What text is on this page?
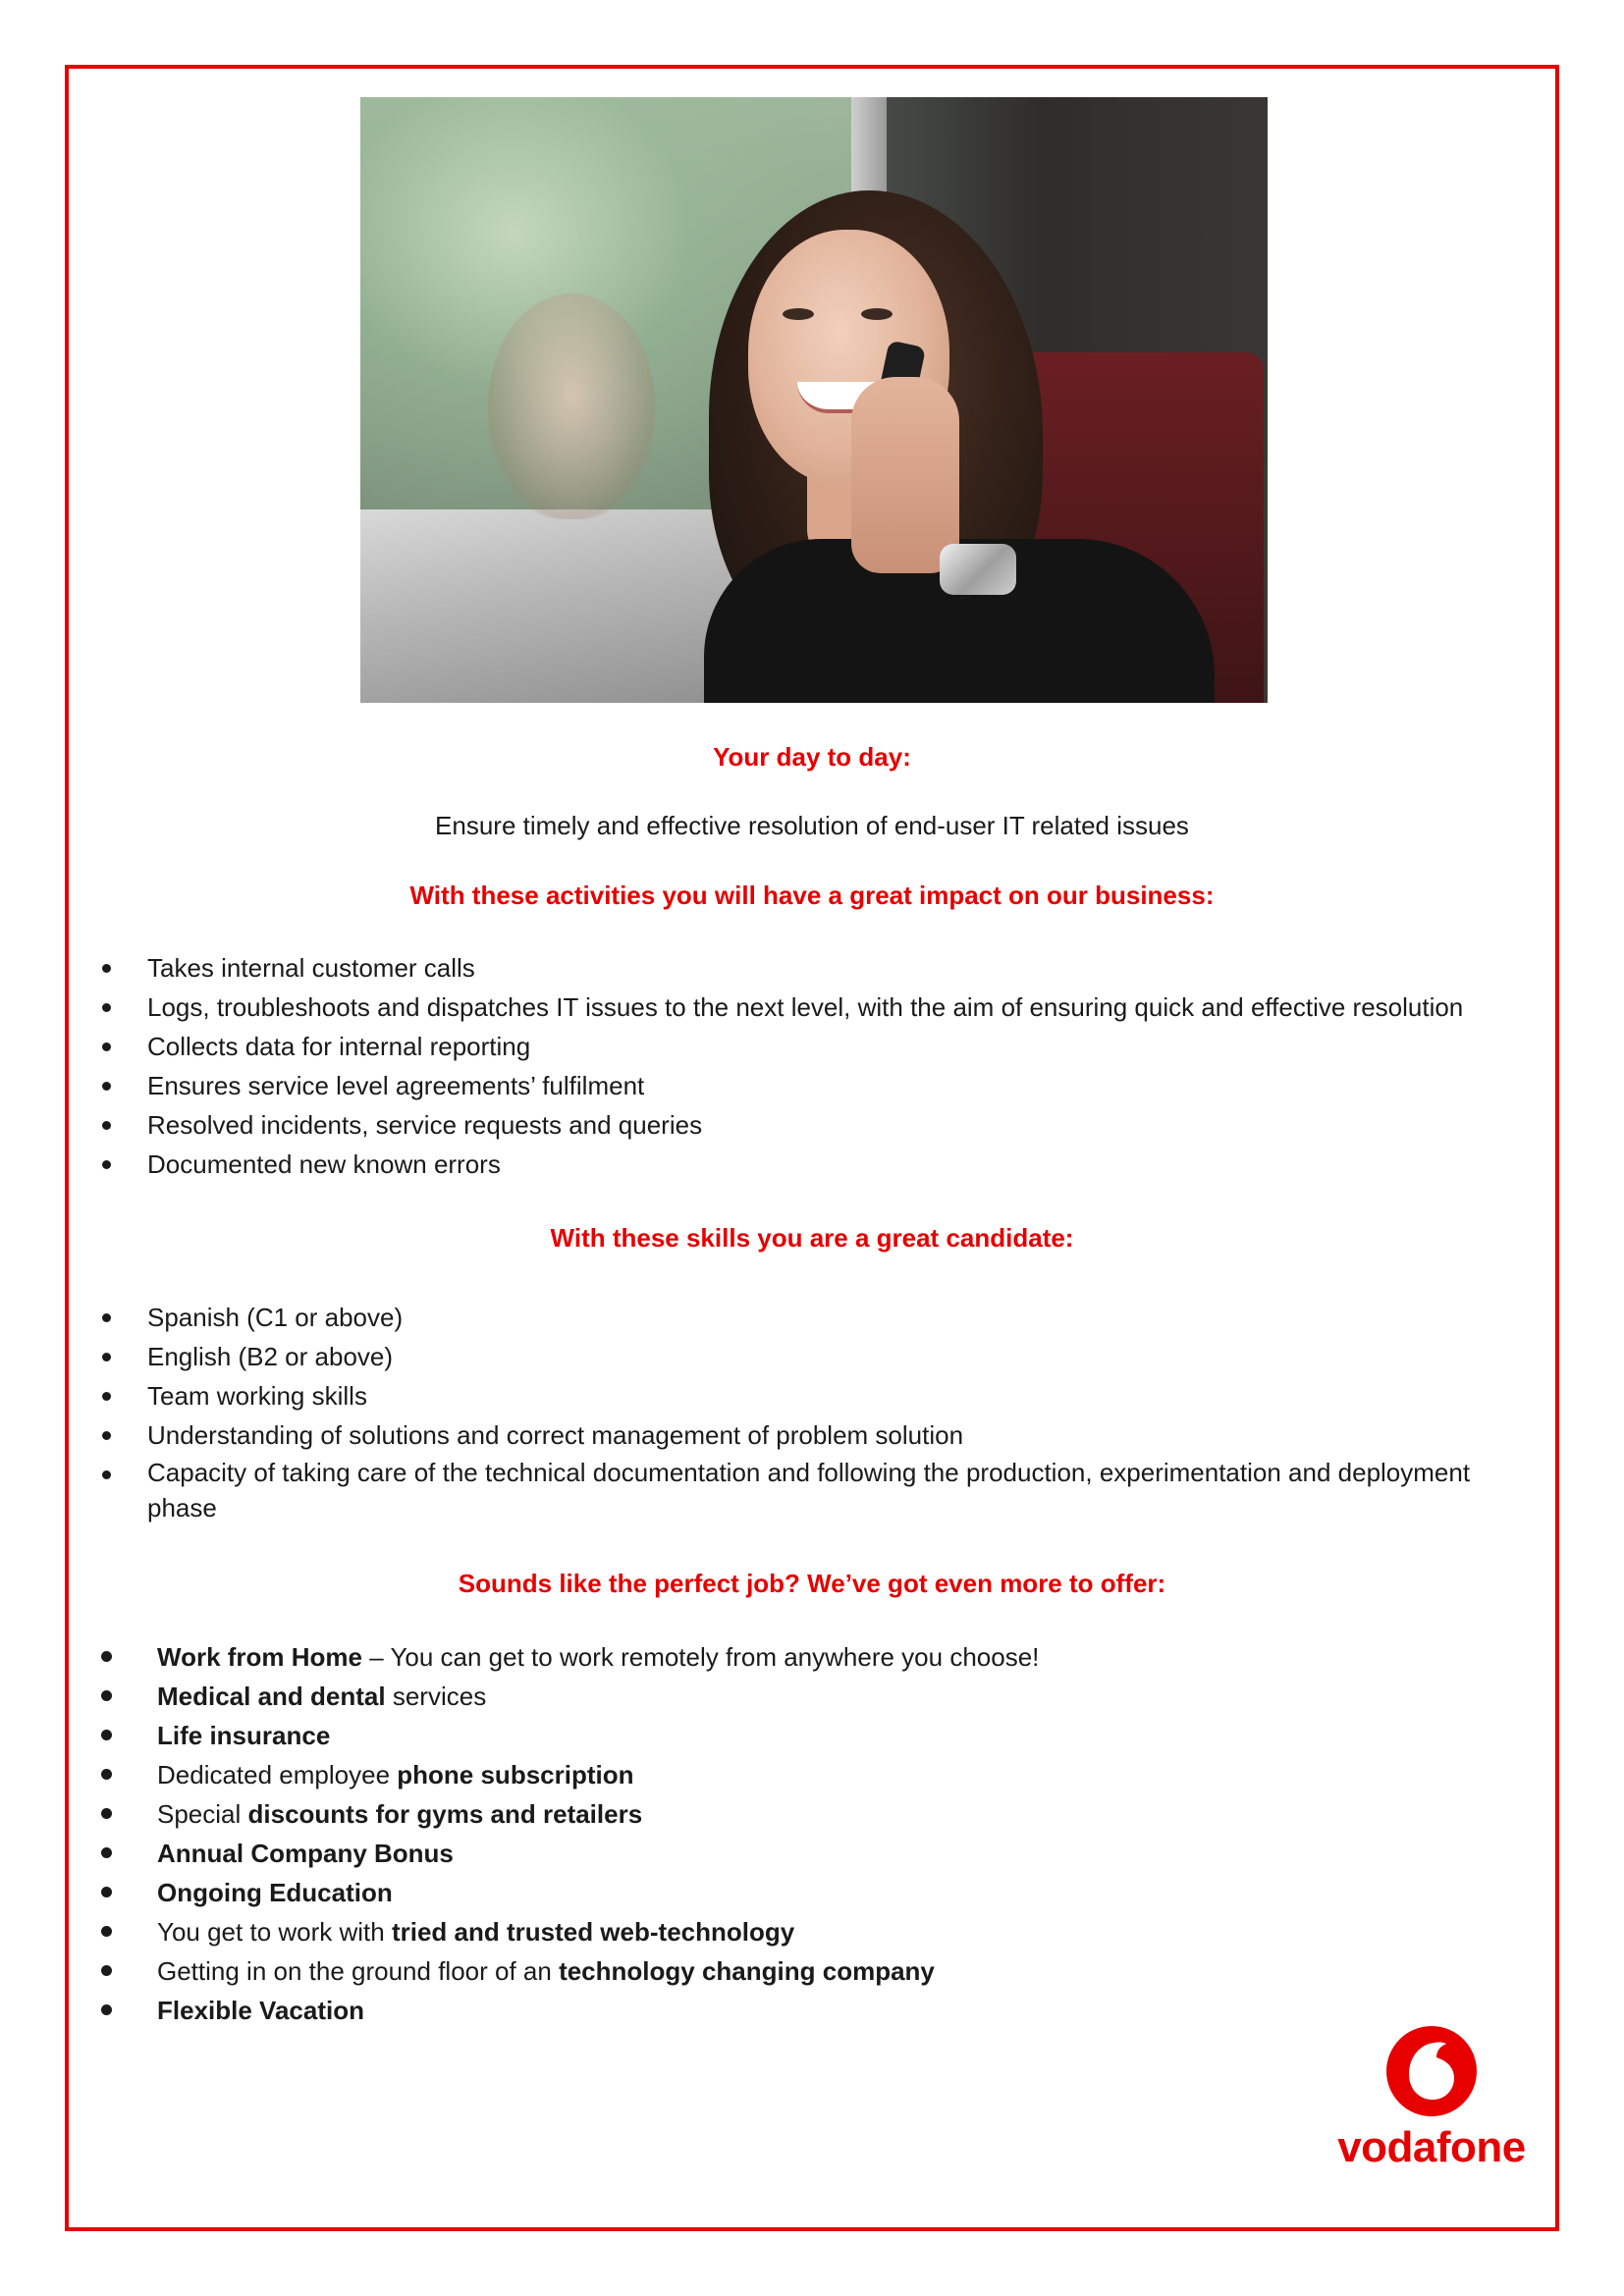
Your day to day:

Ensure timely and effective resolution of end-user IT related issues

With these activities you will have a great impact on our business:
Takes internal customer calls
Logs, troubleshoots and dispatches IT issues to the next level, with the aim of ensuring quick and effective resolution
Collects data for internal reporting
Ensures service level agreements’ fulfilment
Resolved incidents, service requests and queries
Documented new known errors
With these skills you are a great candidate:
Spanish (C1 or above)
English (B2 or above)
Team working skills
Understanding of solutions and correct management of problem solution
Capacity of taking care of the technical documentation and following the production, experimentation and deployment phase
Sounds like the perfect job? We’ve got even more to offer:
Work from Home – You can get to work remotely from anywhere you choose!
Medical and dental services
Life insurance
Dedicated employee phone subscription
Special discounts for gyms and retailers
Annual Company Bonus
Ongoing Education
You get to work with tried and trusted web-technology
Getting in on the ground floor of an technology changing company
Flexible Vacation
vodafone
